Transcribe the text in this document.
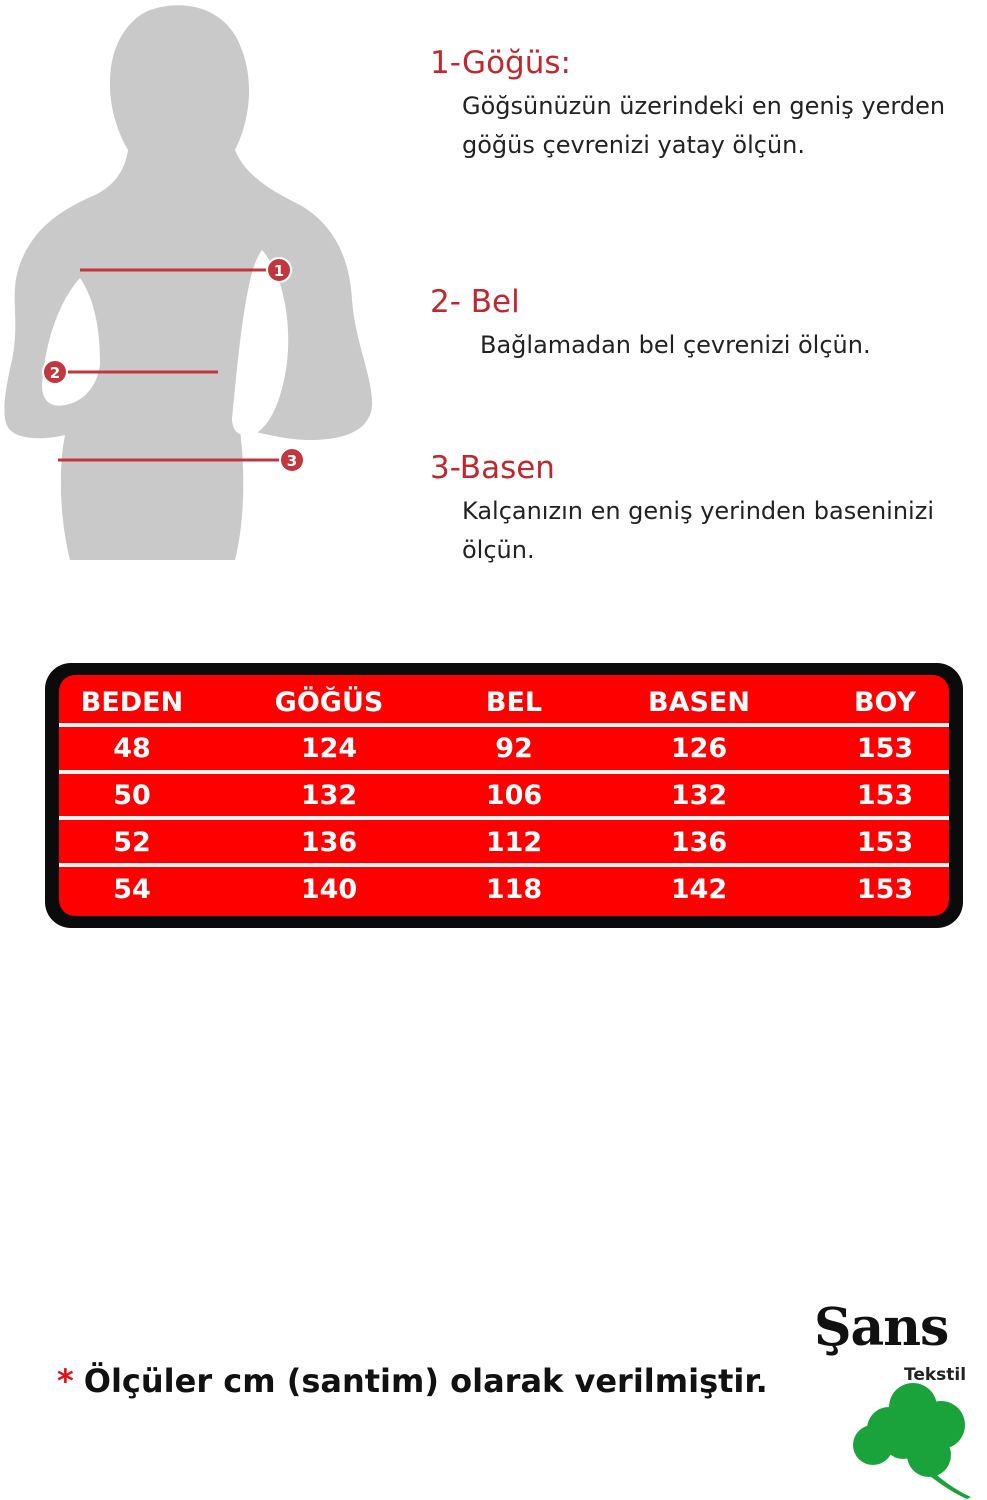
1
2
3
1-Göğüs:

Göğsünüzün üzerindeki en geniş yerden
göğüs çevrenizi yatay ölçün.

2- Bel

Bağlamadan bel çevrenizi ölçün.

3-Basen

Kalçanızın en geniş yerinden baseninizi
ölçün.

BEDEN	GÖĞÜS	BEL	BASEN	BOY
48	124	92	126	153
50	132	106	132	153
52	136	112	136	153
54	140	118	142	153
* Ölçüler cm (santim) olarak verilmiştir.
Şans
Tekstil
